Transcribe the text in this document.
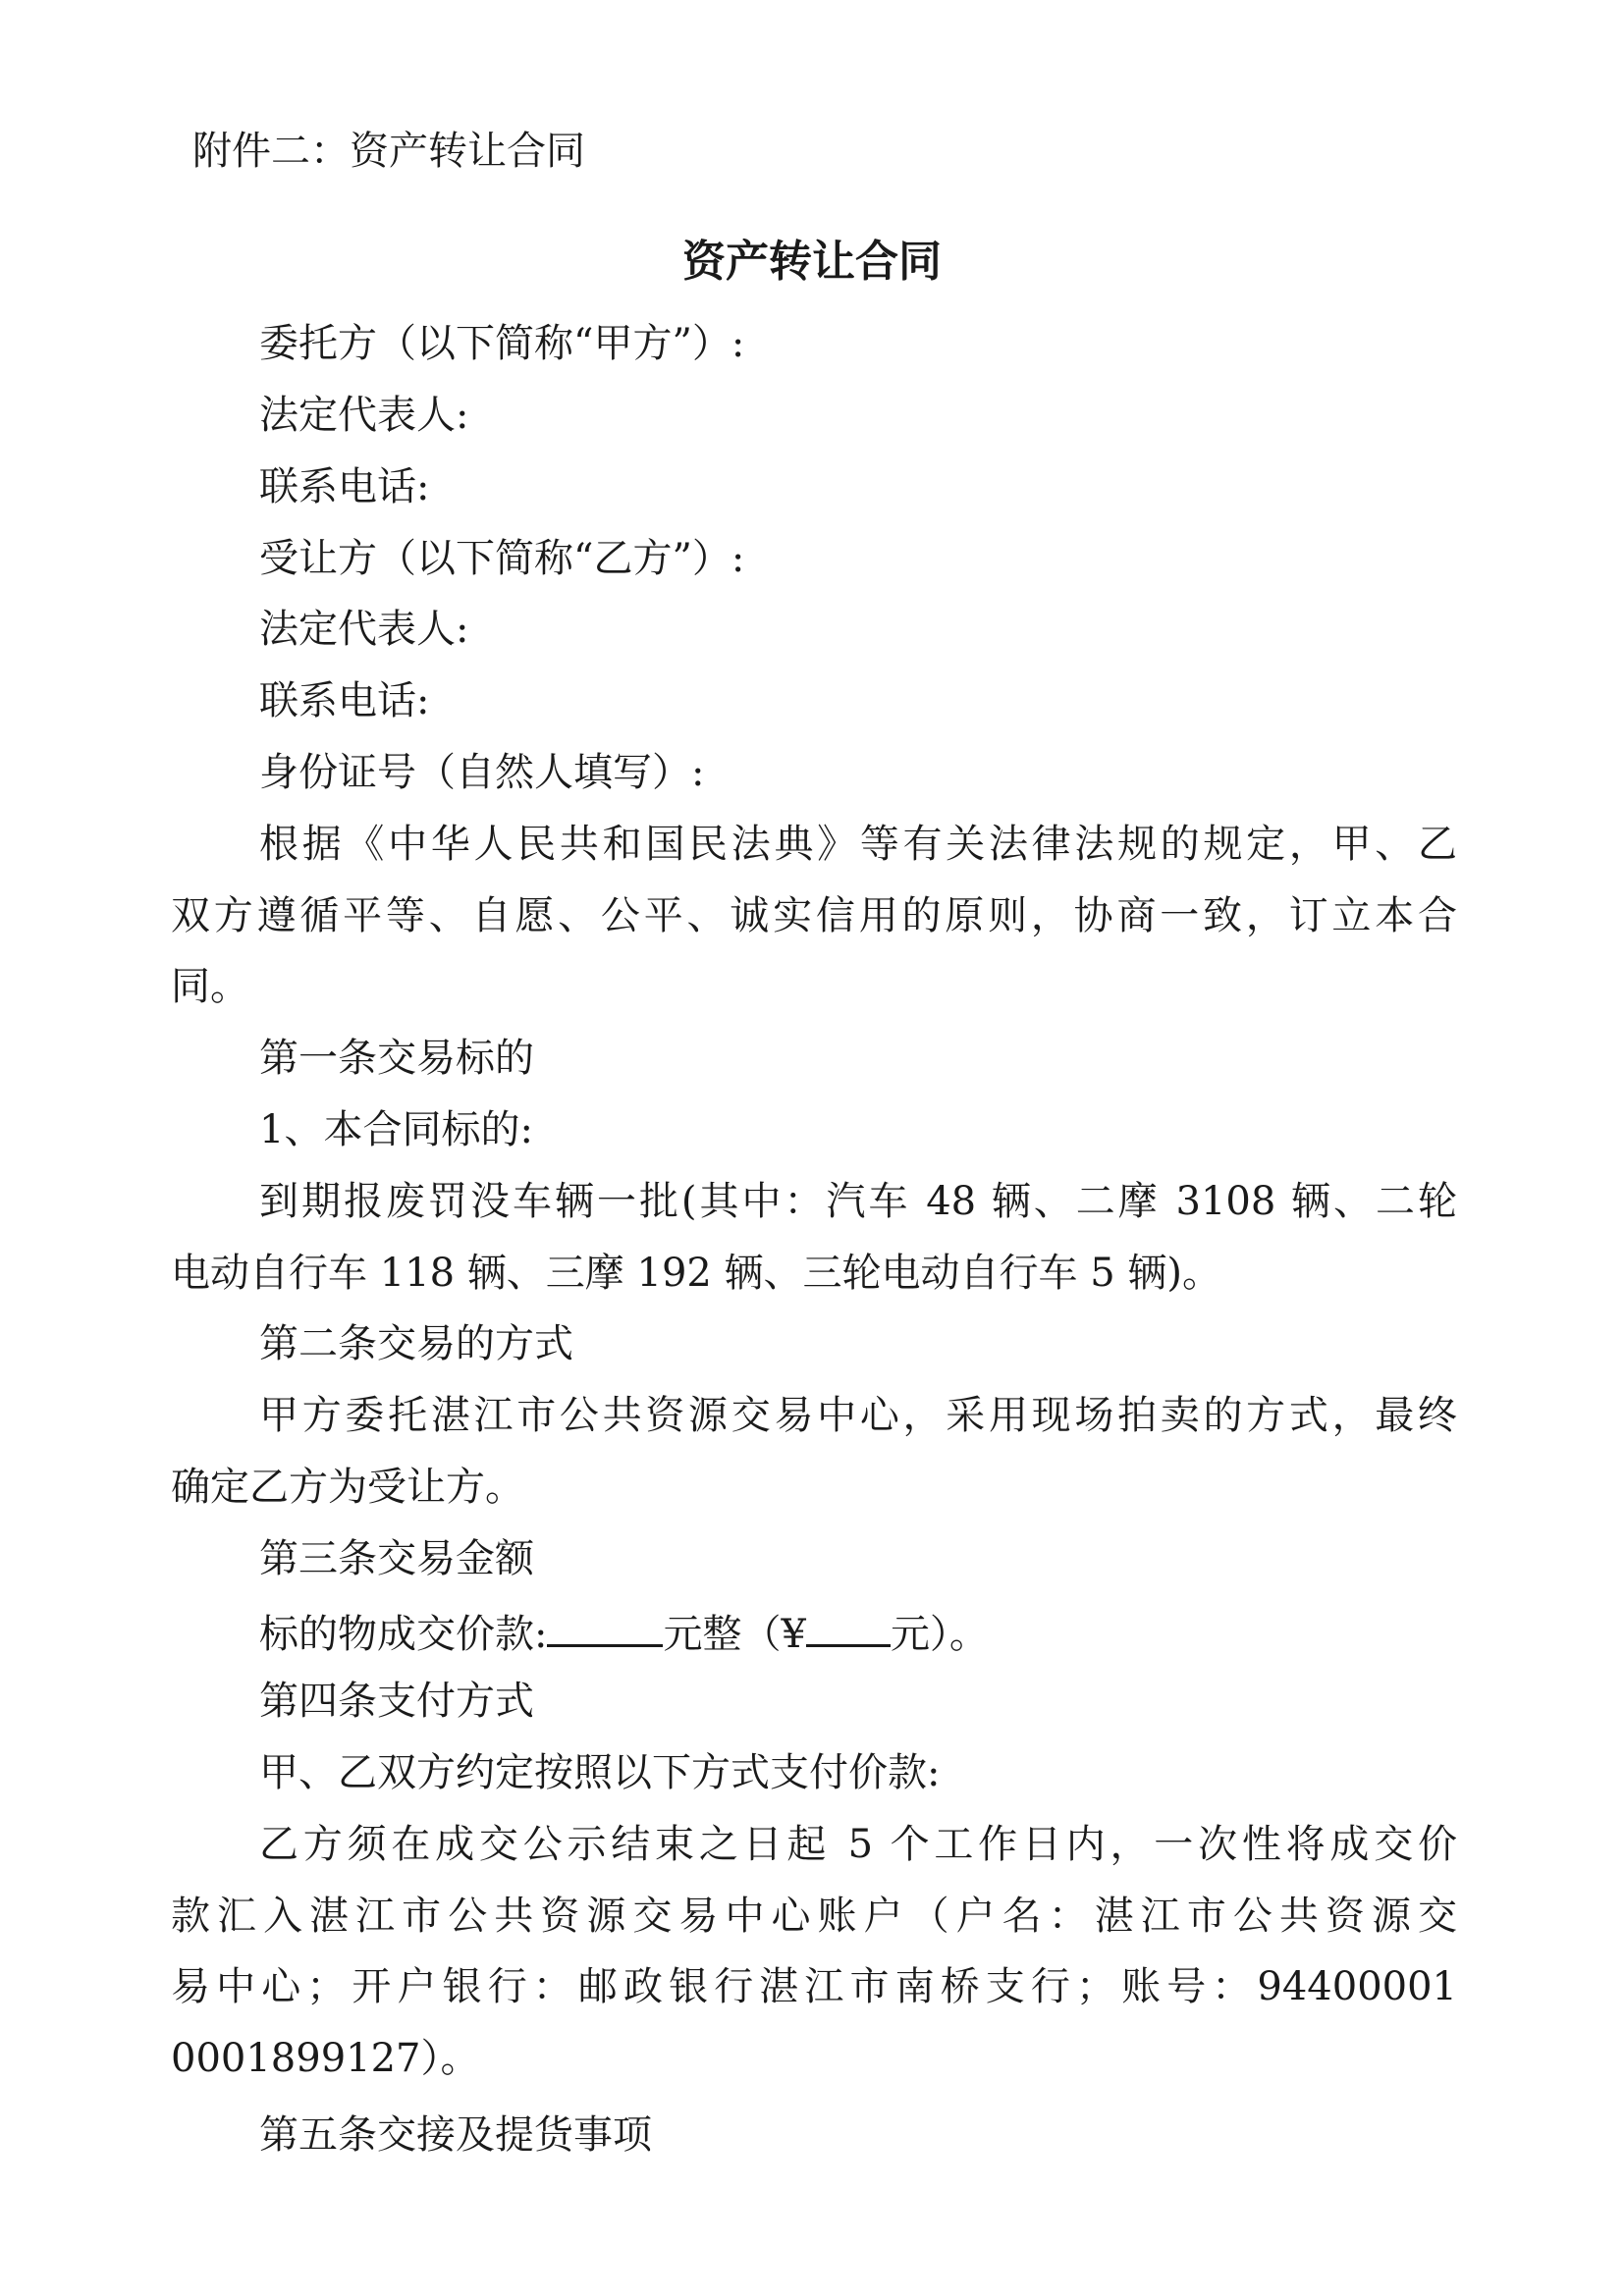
附件二：资产转让合同
资产转让合同
委托方（以下简称“甲方”）:
法定代表人:
联系电话:
受让方（以下简称“乙方”）:
法定代表人:
联系电话:
身份证号（自然人填写）:
根据《中华人民共和国民法典》等有关法律法规的规定，甲、乙
双方遵循平等、自愿、公平、诚实信用的原则，协商一致，订立本合
同。
第一条交易标的
1、本合同标的:
到期报废罚没车辆一批(其中：汽车 48 辆、二摩 3108 辆、二轮
电动自行车 118 辆、三摩 192 辆、三轮电动自行车 5 辆)。
第二条交易的方式
甲方委托湛江市公共资源交易中心，采用现场拍卖的方式，最终
确定乙方为受让方。
第三条交易金额
标的物成交价款:	元整（¥ 元）。
第四条支付方式
甲、乙双方约定按照以下方式支付价款:
乙方须在成交公示结束之日起 5 个工作日内，一次性将成交价
款汇入湛江市公共资源交易中心账户（户名：湛江市公共资源交
易中心；开户银行：邮政银行湛江市南桥支行；账号：94400001
0001899127）。
第五条交接及提货事项
